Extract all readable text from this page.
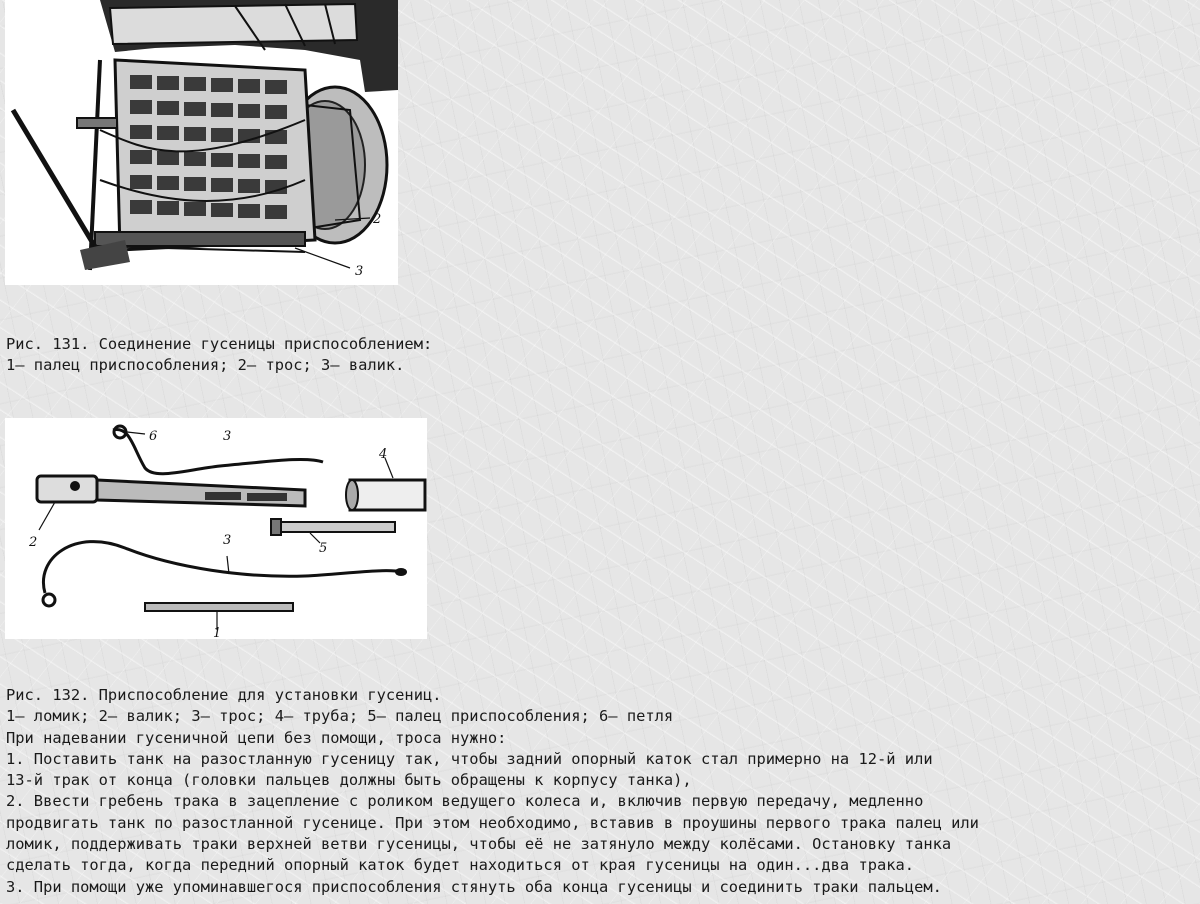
2
3
Рис. 131. Соединение гусеницы приспособлением:
1— палец приспособления; 2— трос; 3— валик.
6	3
4
2	5
3
1
Рис. 132. Приспособление для установки гусениц.
1— ломик; 2— валик; 3— трос; 4— труба; 5— палец приспособления; 6— петля
При надевании гусеничной цепи без помощи, троса нужно:
1. Поставить танк на разостланную гусеницу так, чтобы задний опорный каток стал примерно на 12-й или
13-й трак от конца (головки пальцев должны быть обращены к корпусу танка),
2. Ввести гребень трака в зацепление с роликом ведущего колеса и, включив первую передачу, медленно
продвигать танк по разостланной гусенице. При этом необходимо, вставив в проушины первого трака палец или
ломик, поддерживать траки верхней ветви гусеницы, чтобы её не затянуло между колёсами. Остановку танка
сделать тогда, когда передний опорный каток будет находиться от края гусеницы на один...два трака.
3. При помощи уже упоминавшегося приспособления стянуть оба конца гусеницы и соединить траки пальцем.
